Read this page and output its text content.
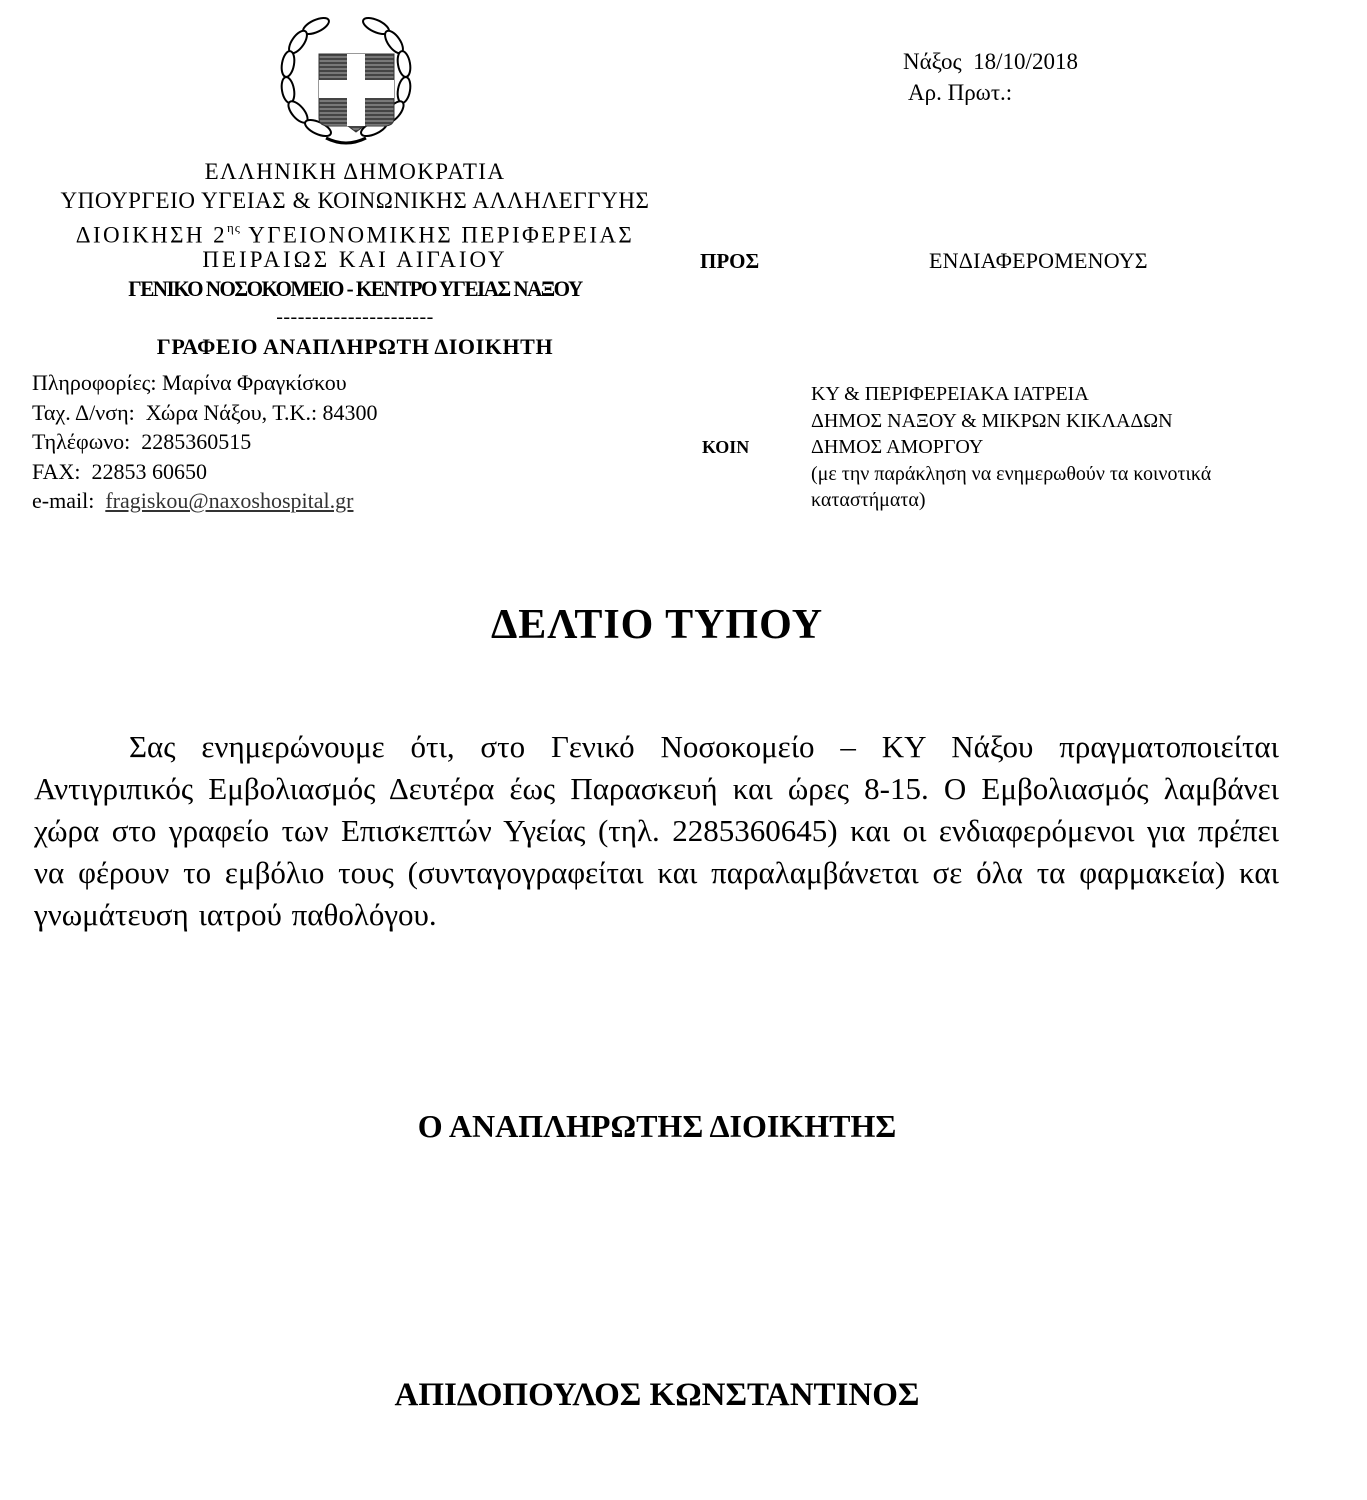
ΕΛΛΗΝΙΚΗ ΔΗΜΟΚΡΑΤΙΑ
ΥΠΟΥΡΓΕΙΟ ΥΓΕΙΑΣ & ΚΟΙΝΩΝΙΚΗΣ ΑΛΛΗΛΕΓΓΥΗΣ
ΔΙΟΙΚΗΣΗ $2^{\eta\varsigma}$ ΥΓΕΙΟΝΟΜΙΚΗΣ ΠΕΡΙΦΕΡΕΙΑΣ
ΠΕΙΡΑΙΩΣ ΚΑΙ ΑΙΓΑΙΟΥ
ΓΕΝΙΚΟ ΝΟΣΟΚΟΜΕΙΟ - ΚΕΝΤΡΟ ΥΓΕΙΑΣ ΝΑΞΟΥ
----------------------
ΓΡΑΦΕΙΟ ΑΝΑΠΛΗΡΩΤΗ ΔΙΟΙΚΗΤΗ
Πληροφορίες: Μαρίνα Φραγκίσκου
Ταχ. Δ/νση: Χώρα Νάξου, Τ.Κ.: 84300
Τηλέφωνο: 2285360515
FAX: 22853 60650
e-mail: fragiskou@naxoshospital.gr
Νάξος  18/10/2018
Αρ. Πρωτ.:
ΠΡΟΣ	ΕΝΔΙΑΦΕΡΟΜΕΝΟΥΣ
ΚΟΙΝ
ΚΥ & ΠΕΡΙΦΕΡΕΙΑΚΑ ΙΑΤΡΕΙΑ
ΔΗΜΟΣ ΝΑΞΟΥ & ΜΙΚΡΩΝ ΚΙΚΛΑΔΩΝ
ΔΗΜΟΣ ΑΜΟΡΓΟΥ
(με την παράκληση να ενημερωθούν τα κοινοτικά
καταστήματα)
ΔΕΛΤΙΟ ΤΥΠΟΥ
Σας ενημερώνουμε ότι, στο Γενικό Νοσοκομείο – ΚΥ Νάξου πραγματοποιείται Αντιγριπικός Εμβολιασμός Δευτέρα έως Παρασκευή και ώρες 8-15. Ο Εμβολιασμός λαμβάνει χώρα στο γραφείο των Επισκεπτών Υγείας (τηλ. 2285360645) και οι ενδιαφερόμενοι για πρέπει να φέρουν το εμβόλιο τους (συνταγογραφείται και παραλαμβάνεται σε όλα τα φαρμακεία) και γνωμάτευση ιατρού παθολόγου.
Ο ΑΝΑΠΛΗΡΩΤΗΣ ΔΙΟΙΚΗΤΗΣ
ΑΠΙΔΟΠΟΥΛΟΣ ΚΩΝΣΤΑΝΤΙΝΟΣ
